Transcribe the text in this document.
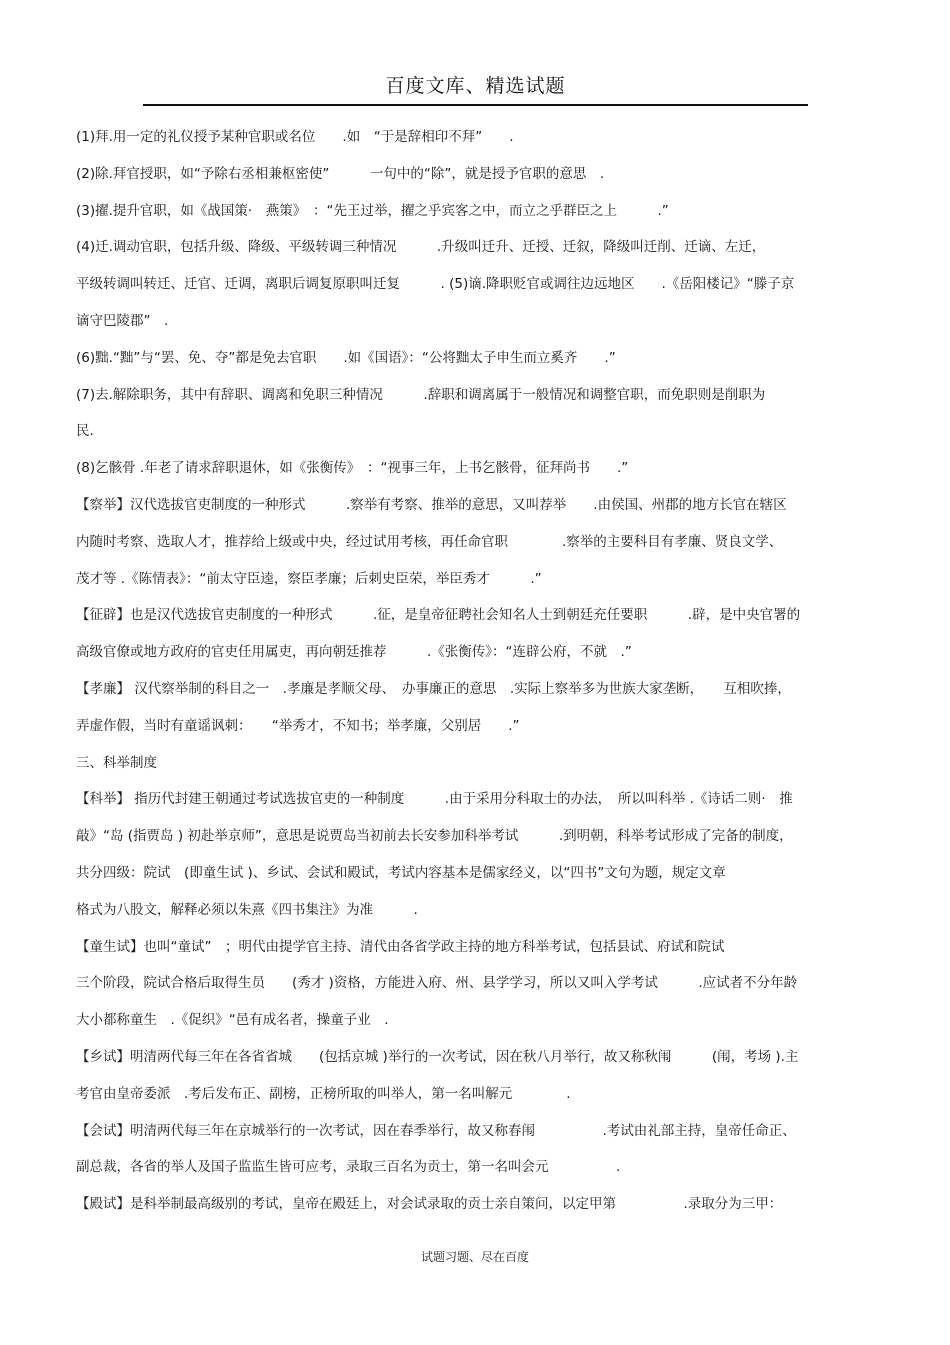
百度文库、精选试题
(1)拜.用一定的礼仪授予某种官职或名位　　.如　“于是辞相印不拜”　　.
(2)除.拜官授职，如“予除右丞相兼枢密使”　　　一句中的“除”，就是授予官职的意思　.
(3)擢.提升官职，如《战国策·　燕策》　：“先王过举，擢之乎宾客之中，而立之乎群臣之上　　　.”
(4)迁.调动官职，包括升级、降级、平级转调三种情况　　　.升级叫迁升、迁授、迁叙，降级叫迁削、迁谪、左迁，
平级转调叫转迁、迁官、迁调，离职后调复原职叫迁复　　　. (5)谪.降职贬官或调往边远地区　　.《岳阳楼记》“滕子京
谪守巴陵郡”　.
(6)黜.“黜”与“罢、免、夺”都是免去官职　　.如《国语》：“公将黜太子申生而立奚齐　　.”
(7)去.解除职务，其中有辞职、调离和免职三种情况　　　.辞职和调离属于一般情况和调整官职，而免职则是削职为
民.
(8)乞骸骨 .年老了请求辞职退休，如《张衡传》　：“视事三年，上书乞骸骨，征拜尚书　　.”
【察举】汉代选拔官吏制度的一种形式　　　.察举有考察、推举的意思，又叫荐举　　.由侯国、州郡的地方长官在辖区
内随时考察、选取人才，推荐给上级或中央，经过试用考核，再任命官职　　　　.察举的主要科目有孝廉、贤良文学、
茂才等 .《陈情表》：“前太守臣逵，察臣孝廉；后刺史臣荣，举臣秀才　　　.”
【征辟】也是汉代选拔官吏制度的一种形式　　　.征，是皇帝征聘社会知名人士到朝廷充任要职　　　.辟，是中央官署的
高级官僚或地方政府的官吏任用属吏，再向朝廷推荐　　　.《张衡传》：“连辟公府，不就　.”
【孝廉】 汉代察举制的科目之一　.孝廉是孝顺父母、　办事廉正的意思　.实际上察举多为世族大家垄断，　　互相吹捧，
弄虚作假，当时有童谣讽刺：　　“举秀才，不知书；举孝廉，父别居　　.”
三、科举制度
【科举】 指历代封建王朝通过考试选拔官吏的一种制度　　　.由于采用分科取士的办法，　所以叫科举 .《诗话二则·　推
敲》“岛 (指贾岛 ) 初赴举京师”，意思是说贾岛当初前去长安参加科举考试　　　.到明朝，科举考试形成了完备的制度，
共分四级：院试　(即童生试 )、乡试、会试和殿试，考试内容基本是儒家经义，以“四书”文句为题，规定文章
格式为八股文，解释必须以朱熹《四书集注》为准　　　.
【童生试】也叫“童试”　；明代由提学官主持、清代由各省学政主持的地方科举考试，包括县试、府试和院试
三个阶段，院试合格后取得生员　　(秀才 )资格，方能进入府、州、县学学习，所以又叫入学考试　　　.应试者不分年龄
大小都称童生　.《促织》“邑有成名者，操童子业　.
【乡试】明清两代每三年在各省省城　　(包括京城 )举行的一次考试，因在秋八月举行，故又称秋闱　　　(闱，考场 ).主
考官由皇帝委派　.考后发布正、副榜，正榜所取的叫举人，第一名叫解元　　　　.
【会试】明清两代每三年在京城举行的一次考试，因在春季举行，故又称春闱　　　　　.考试由礼部主持，皇帝任命正、
副总裁，各省的举人及国子监监生皆可应考，录取三百名为贡士，第一名叫会元　　　　　.
【殿试】是科举制最高级别的考试，皇帝在殿廷上，对会试录取的贡士亲自策问，以定甲第　　　　　.录取分为三甲：
试题习题、尽在百度
